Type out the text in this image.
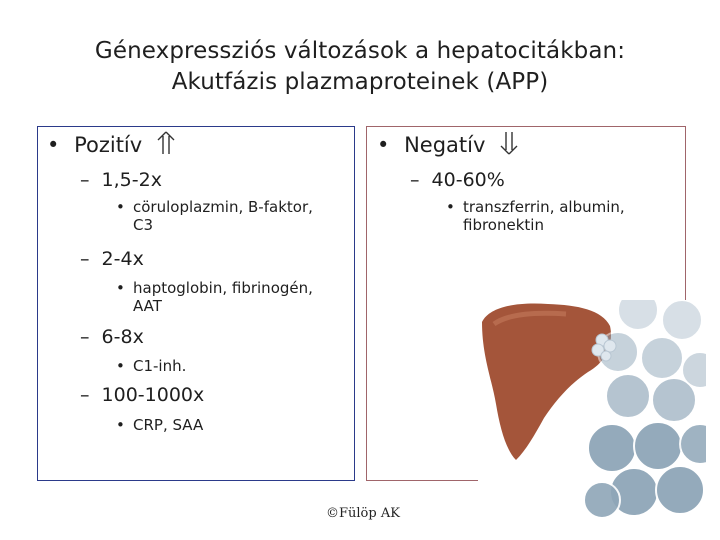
Génexpressziós változások a hepatocitákban:
Akutfázis plazmaproteinek (APP)
• Pozitív
– 1,5-2x
• cöruloplazmin, B-faktor,
C3
– 2-4x
• haptoglobin, fibrinogén,
AAT
– 6-8x
• C1-inh.
– 100-1000x
• CRP, SAA
• Negatív
– 40-60%
• transzferrin, albumin,
fibronektin
©Fülöp AK
